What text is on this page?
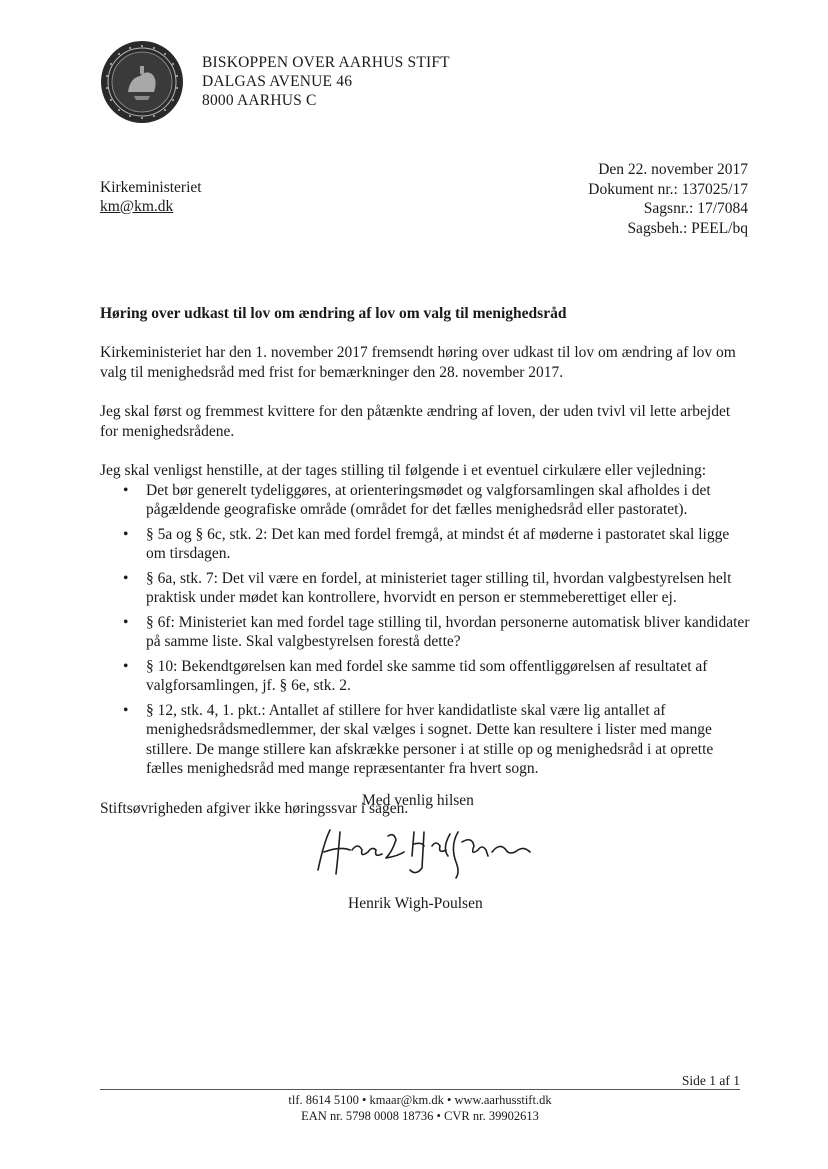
BISKOPPEN OVER AARHUS STIFT
DALGAS AVENUE 46
8000 AARHUS C
Kirkeministeriet
km@km.dk
Den 22. november 2017
Dokument nr.: 137025/17
Sagsnr.: 17/7084
Sagsbeh.: PEEL/bq
Høring over udkast til lov om ændring af lov om valg til menighedsråd

Kirkeministeriet har den 1. november 2017 fremsendt høring over udkast til lov om ændring af lov om valg til menighedsråd med frist for bemærkninger den 28. november 2017.

Jeg skal først og fremmest kvittere for den påtænkte ændring af loven, der uden tvivl vil lette arbejdet for menighedsrådene.

Jeg skal venligst henstille, at der tages stilling til følgende i et eventuel cirkulære eller vejledning:

• Det bør generelt tydeliggøres, at orienteringsmødet og valgforsamlingen skal afholdes i det pågældende geografiske område (området for det fælles menighedsråd eller pastoratet).
• § 5a og § 6c, stk. 2: Det kan med fordel fremgå, at mindst ét af møderne i pastoratet skal ligge om tirsdagen.
• § 6a, stk. 7: Det vil være en fordel, at ministeriet tager stilling til, hvordan valgbestyrelsen helt praktisk under mødet kan kontrollere, hvorvidt en person er stemmeberettiget eller ej.
• § 6f: Ministeriet kan med fordel tage stilling til, hvordan personerne automatisk bliver kandidater på samme liste. Skal valgbestyrelsen forestå dette?
• § 10: Bekendtgørelsen kan med fordel ske samme tid som offentliggørelsen af resultatet af valgforsamlingen, jf. § 6e, stk. 2.
• § 12, stk. 4, 1. pkt.: Antallet af stillere for hver kandidatliste skal være lig antallet af menighedsrådsmedlemmer, der skal vælges i sognet. Dette kan resultere i lister med mange stillere. De mange stillere kan afskrække personer i at stille op og menighedsråd i at oprette fælles menighedsråd med mange repræsentanter fra hvert sogn.

Stiftsøvrigheden afgiver ikke høringssvar i sagen.

Med venlig hilsen
Henrik Wigh-Poulsen
Side 1 af 1
tlf. 8614 5100 • kmaar@km.dk • www.aarhusstift.dk
EAN nr. 5798 0008 18736 • CVR nr. 39902613
